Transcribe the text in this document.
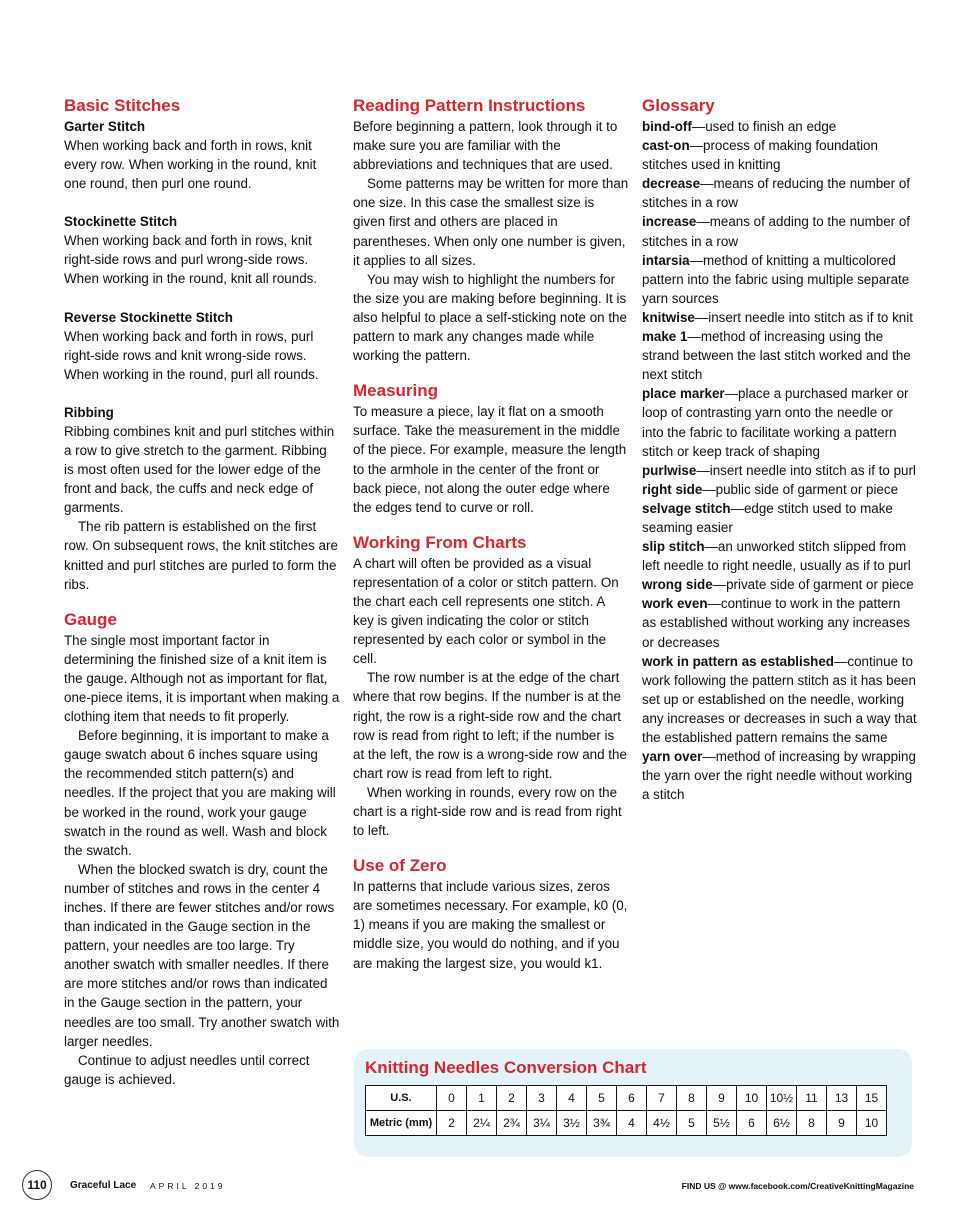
Basic Stitches
Garter Stitch

When working back and forth in rows, knit every row. When working in the round, knit one round, then purl one round.

Stockinette Stitch

When working back and forth in rows, knit right-side rows and purl wrong-side rows. When working in the round, knit all rounds.

Reverse Stockinette Stitch

When working back and forth in rows, purl right-side rows and knit wrong-side rows. When working in the round, purl all rounds.

Ribbing

Ribbing combines knit and purl stitches within a row to give stretch to the garment. Ribbing is most often used for the lower edge of the front and back, the cuffs and neck edge of garments.

The rib pattern is established on the first row. On subsequent rows, the knit stitches are knitted and purl stitches are purled to form the ribs.

Gauge

The single most important factor in determining the finished size of a knit item is the gauge. Although not as important for flat, one-piece items, it is important when making a clothing item that needs to fit properly.

Before beginning, it is important to make a gauge swatch about 6 inches square using the recommended stitch pattern(s) and needles. If the project that you are making will be worked in the round, work your gauge swatch in the round as well. Wash and block the swatch.

When the blocked swatch is dry, count the number of stitches and rows in the center 4 inches. If there are fewer stitches and/or rows than indicated in the Gauge section in the pattern, your needles are too large. Try another swatch with smaller needles. If there are more stitches and/or rows than indicated in the Gauge section in the pattern, your needles are too small. Try another swatch with larger needles.

Continue to adjust needles until correct gauge is achieved.

Reading Pattern Instructions

Before beginning a pattern, look through it to make sure you are familiar with the abbreviations and techniques that are used.

Some patterns may be written for more than one size. In this case the smallest size is given first and others are placed in parentheses. When only one number is given, it applies to all sizes.

You may wish to highlight the numbers for the size you are making before beginning. It is also helpful to place a self-sticking note on the pattern to mark any changes made while working the pattern.

Measuring

To measure a piece, lay it flat on a smooth surface. Take the measurement in the middle of the piece. For example, measure the length to the armhole in the center of the front or back piece, not along the outer edge where the edges tend to curve or roll.

Working From Charts

A chart will often be provided as a visual representation of a color or stitch pattern. On the chart each cell represents one stitch. A key is given indicating the color or stitch represented by each color or symbol in the cell.

The row number is at the edge of the chart where that row begins. If the number is at the right, the row is a right-side row and the chart row is read from right to left; if the number is at the left, the row is a wrong-side row and the chart row is read from left to right.

When working in rounds, every row on the chart is a right-side row and is read from right to left.

Use of Zero

In patterns that include various sizes, zeros are sometimes necessary. For example, k0 (0, 1) means if you are making the smallest or middle size, you would do nothing, and if you are making the largest size, you would k1.

Glossary

bind-off—used to finish an edge

cast-on—process of making foundation stitches used in knitting

decrease—means of reducing the number of stitches in a row

increase—means of adding to the number of stitches in a row

intarsia—method of knitting a multicolored pattern into the fabric using multiple separate yarn sources

knitwise—insert needle into stitch as if to knit

make 1—method of increasing using the strand between the last stitch worked and the next stitch

place marker—place a purchased marker or loop of contrasting yarn onto the needle or into the fabric to facilitate working a pattern stitch or keep track of shaping

purlwise—insert needle into stitch as if to purl

right side—public side of garment or piece

selvage stitch—edge stitch used to make seaming easier

slip stitch—an unworked stitch slipped from left needle to right needle, usually as if to purl

wrong side—private side of garment or piece

work even—continue to work in the pattern as established without working any increases or decreases

work in pattern as established—continue to work following the pattern stitch as it has been set up or established on the needle, working any increases or decreases in such a way that the established pattern remains the same

yarn over—method of increasing by wrapping the yarn over the right needle without working a stitch

Knitting Needles Conversion Chart
U.S.	0	1	2	3	4	5	6	7	8	9	10	10½	11	13	15
Metric (mm)	2	2¼	2¾	3¼	3½	3¾	4	4½	5	5½	6	6½	8	9	10
110	Graceful Lace APRIL 2019	FIND US @ www.facebook.com/CreativeKnittingMagazine
